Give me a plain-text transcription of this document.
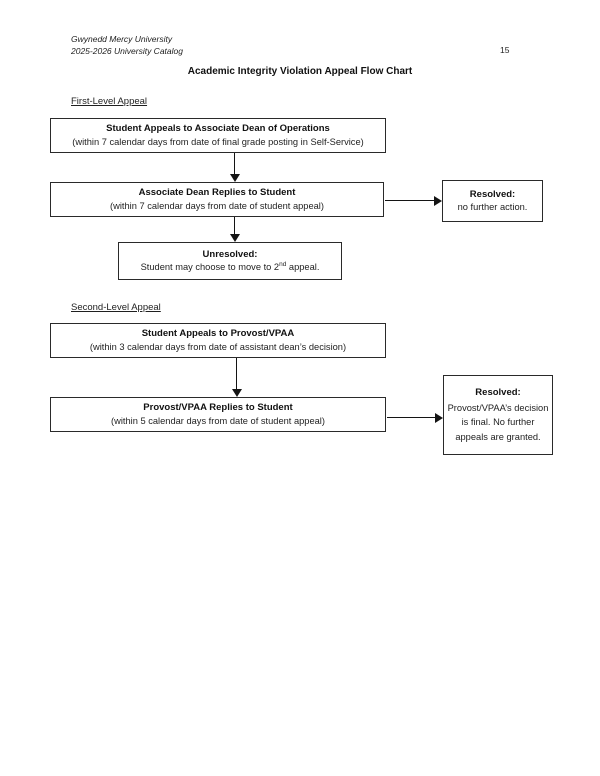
Gwynedd Mercy University
2025-2026 University Catalog	15
Academic Integrity Violation Appeal Flow Chart
First-Level Appeal
Student Appeals to Associate Dean of Operations
(within 7 calendar days from date of final grade posting in Self-Service)
Associate Dean Replies to Student
(within 7 calendar days from date of student appeal)
Resolved:
no further action.
Unresolved:
Student may choose to move to 2nd appeal.
Second-Level Appeal
Student Appeals to Provost/VPAA
(within 3 calendar days from date of assistant dean’s decision)
Provost/VPAA Replies to Student
(within 5 calendar days from date of student appeal)
Resolved:
Provost/VPAA’s decision is final. No further appeals are granted.
